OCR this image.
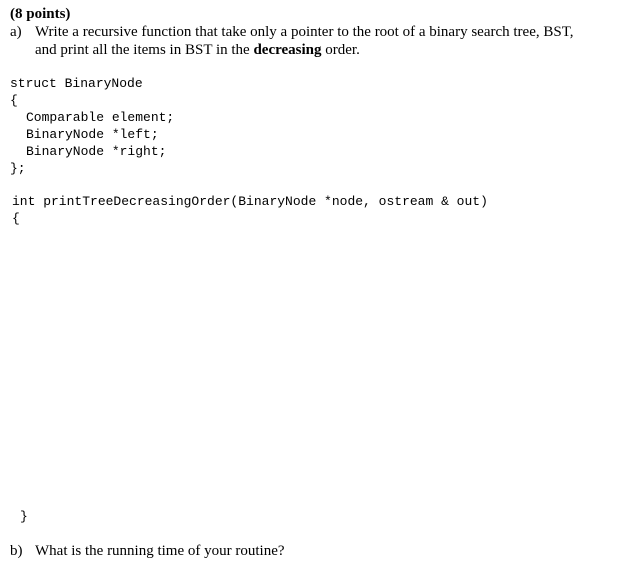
(8 points)
a) Write a recursive function that take only a pointer to the root of a binary search tree, BST,
and print all the items in BST in the decreasing order.
struct BinaryNode
{
Comparable element;
BinaryNode *left;
BinaryNode *right;
};
int printTreeDecreasingOrder(BinaryNode *node, ostream & out)
{
}
b) What is the running time of your routine?
